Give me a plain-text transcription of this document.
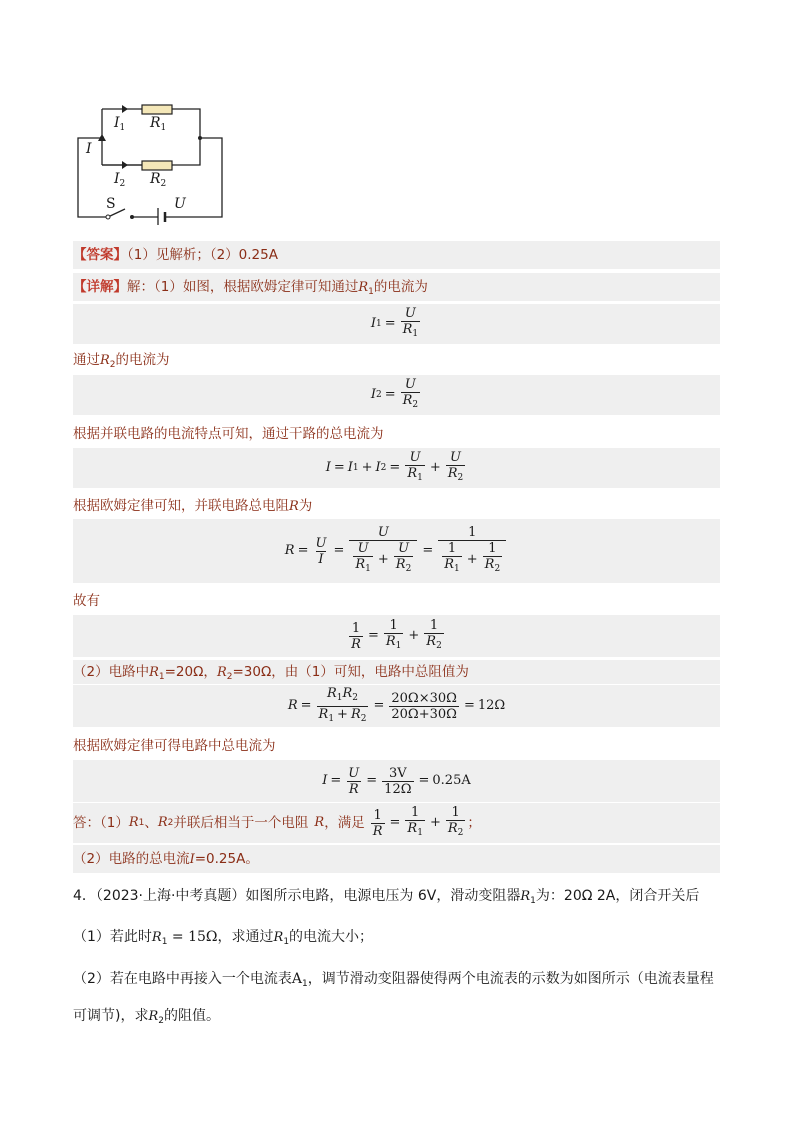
$I_1$ $R_1$
I
$I_2$ $R_2$
S	U
【答案】（1）见解析；（2）0.25A
【详解】解：（1）如图，根据欧姆定律可知通过$R_1$的电流为
I $1 = \frac{U}{R_1}$
通过$R_2$的电流为
I $2 = \frac{U}{R_2}$
根据并联电路的电流特点可知，通过干路的总电流为
I = I 1 + I $2 = \frac{U}{R_1} + \frac{U}{R_2}$
根据欧姆定律可知，并联电路总电阻R为
$R = \frac{U}{I} = \frac{U}{\frac{U}{R_1} + \frac{U}{R_2}} = \frac{1}{\frac{1}{R_1} + \frac{1}{R_2}}$
故有
$\frac{1}{R} = \frac{1}{R_1} + \frac{1}{R_2}$
（2）电路中$R_1=20\Omega$，$R_2=30\Omega$，由（1）可知，电路中总阻值为
$R = \frac{R_1R_2}{R_1 + R_2} = \frac{20\Omega\times 30\Omega}{20\Omega+30\Omega} = 12\Omega$
根据欧姆定律可得电路中总电流为
$I = \frac{U}{R} = \frac{3V}{12\Omega} = 0.25A$
答：（1） R 1 、 R 2 并联后相当于一个电阻 R ，满足 $\frac{1}{R} = \frac{1}{R_1} + \frac{1}{R_2}$ ；
（2）电路的总电流I=0.25A。
4．（2023·上海·中考真题）如图所示电路，电源电压为 6V，滑动变阻器$R_1$为：20Ω 2A，闭合开关后
（1）若此时$R_1 = 15\Omega$，求通过$R_1$的电流大小；
（2）若在电路中再接入一个电流表$A_1$，调节滑动变阻器使得两个电流表的示数为如图所示（电流表量程
可调节)，求$R_2$的阻值。
